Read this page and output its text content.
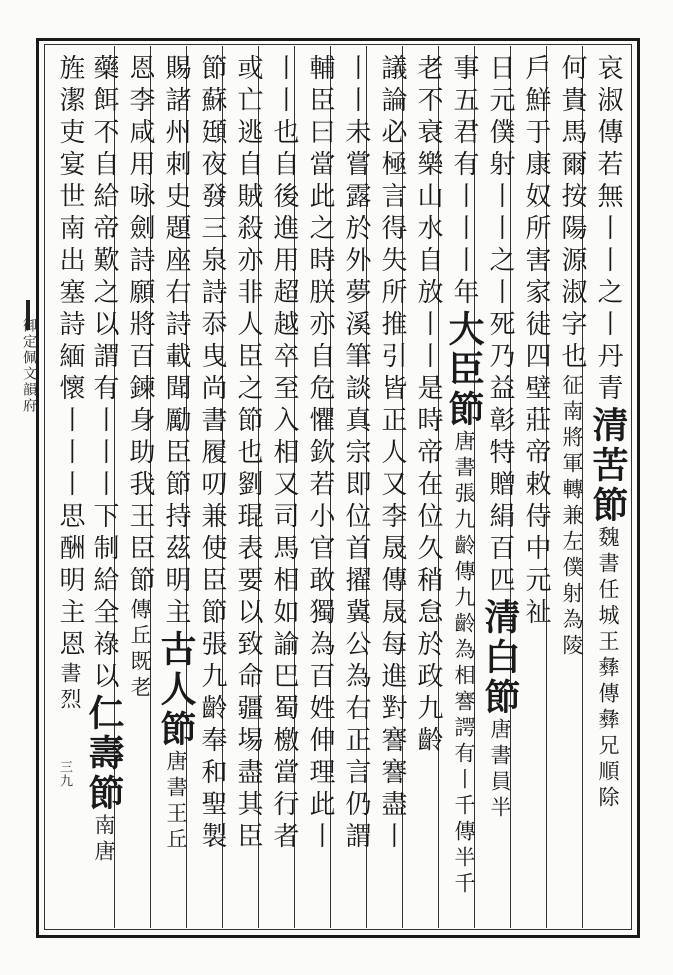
御定佩文韻府	哀淑傳若無丨丨之丨丹青清苦節魏書任城王彝傳彝兄順除
何貴馬爾按陽源淑字也征南將軍轉兼左僕射為陵
戶鮮于康奴所害家徒四壁莊帝敕侍中元祉
日元僕射丨丨之丨死乃益彰特贈絹百匹清白節唐書員半
事五君有丨丨丨年大臣節唐書張九齡傳九齡為相謇諤有丨千傳半千
老不衰樂山水自放丨丨是時帝在位久稍怠於政九齡
議論必極言得失所推引皆正人又李晟傳晟每進對謇謇盡丨
丨丨未嘗露於外夢溪筆談真宗即位首擢冀公為右正言仍謂
輔臣曰當此之時朕亦自危懼欽若小官敢獨為百姓伸理此丨
丨丨也自後進用超越卒至入相又司馬相如諭巴蜀檄當行者
或亡逃自賊殺亦非人臣之節也劉琨表要以致命疆埸盡其臣
節蘇頲夜發三泉詩忝曳尚書履叨兼使臣節張九齡奉和聖製
賜諸州刺史題座右詩載聞勵臣節持茲明主古人節唐書王丘
恩李咸用咏劍詩願將百鍊身助我王臣節傳丘既老
藥餌不自給帝歎之以謂有丨丨丨下制給全祿以仁壽節南唐
旌潔吏宴世南出塞詩緬懷丨丨丨思酬明主恩書烈
三九
